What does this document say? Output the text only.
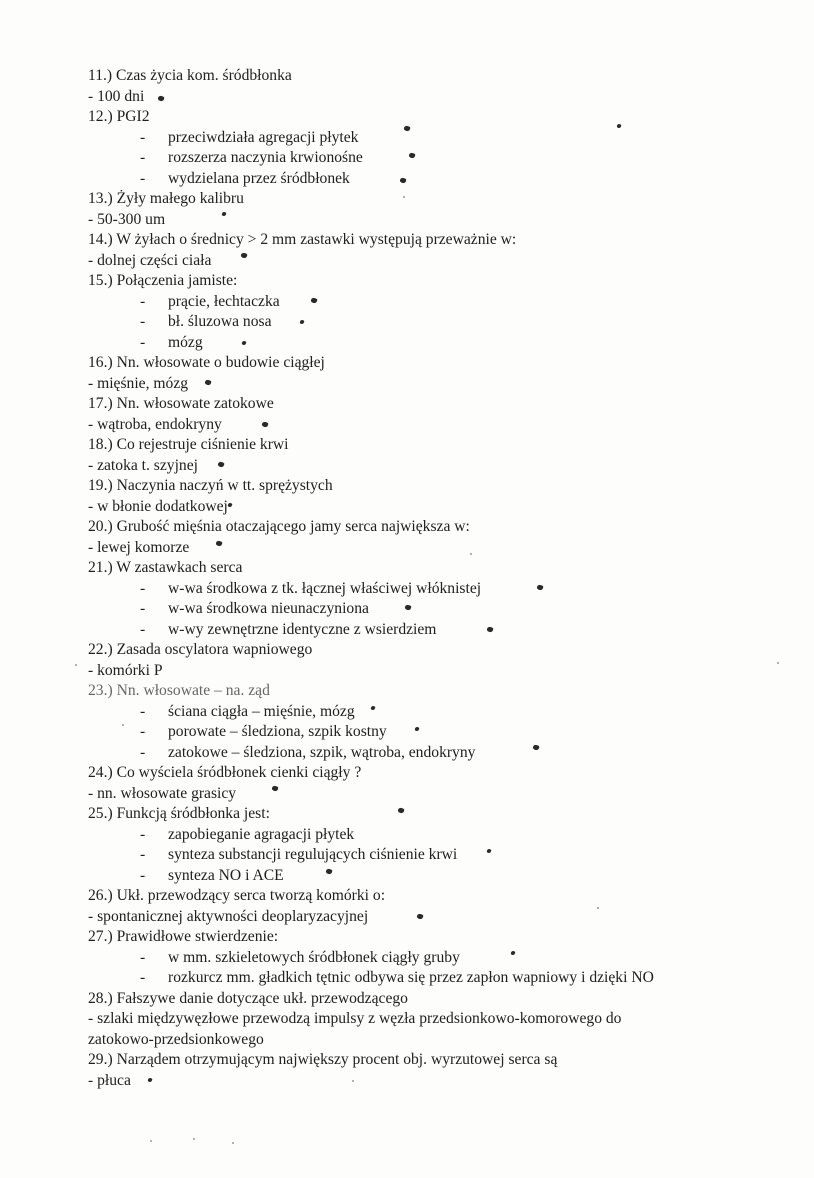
11.) Czas życia kom. śródbłonka
- 100 dni
12.) PGI2
przeciwdziała agregacji płytek
rozszerza naczynia krwionośne
wydzielana przez śródbłonek
13.) Żyły małego kalibru
- 50-300 um
14.) W żyłach o średnicy > 2 mm zastawki występują przeważnie w:
- dolnej części ciała
15.) Połączenia jamiste:
prącie, łechtaczka
bł. śluzowa nosa
mózg
16.) Nn. włosowate o budowie ciągłej
- mięśnie, mózg
17.) Nn. włosowate zatokowe
- wątroba, endokryny
18.) Co rejestruje ciśnienie krwi
- zatoka t. szyjnej
19.) Naczynia naczyń w tt. sprężystych
- w błonie dodatkowej
20.) Grubość mięśnia otaczającego jamy serca największa w:
- lewej komorze
21.) W zastawkach serca
w-wa środkowa z tk. łącznej właściwej włóknistej
w-wa środkowa nieunaczyniona
w-wy zewnętrzne identyczne z wsierdziem
22.) Zasada oscylatora wapniowego
- komórki P
23.) Nn. włosowate – na. ząd
ściana ciągła – mięśnie, mózg
porowate – śledziona, szpik kostny
zatokowe – śledziona, szpik, wątroba, endokryny
24.) Co wyściela śródbłonek cienki ciągły ?
- nn. włosowate grasicy
25.) Funkcją śródbłonka jest:
zapobieganie agragacji płytek
synteza substancji regulujących ciśnienie krwi
synteza NO i ACE
26.) Ukł. przewodzący serca tworzą komórki o:
- spontanicznej aktywności deoplaryzacyjnej
27.) Prawidłowe stwierdzenie:
w mm. szkieletowych śródbłonek ciągły gruby
rozkurcz mm. gładkich tętnic odbywa się przez zapłon wapniowy i dzięki NO
28.) Fałszywe danie dotyczące ukł. przewodzącego
- szlaki międzywęzłowe przewodzą impulsy z węzła przedsionkowo-komorowego do
zatokowo-przedsionkowego
29.) Narządem otrzymującym największy procent obj. wyrzutowej serca są
- płuca
